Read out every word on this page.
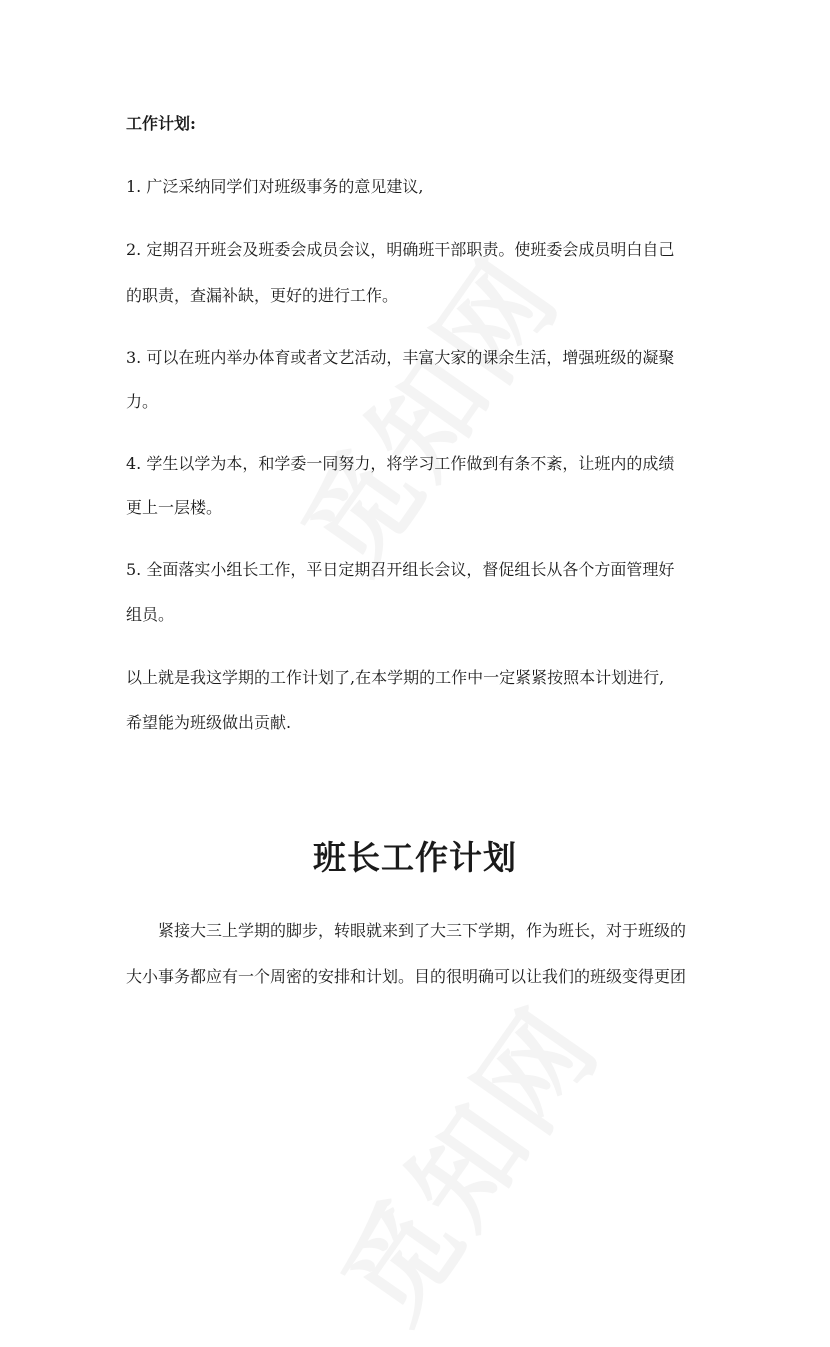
工作计划:
1. 广泛采纳同学们对班级事务的意见建议,
2. 定期召开班会及班委会成员会议，明确班干部职责。使班委会成员明白自己
的职责，查漏补缺，更好的进行工作。
3. 可以在班内举办体育或者文艺活动，丰富大家的课余生活，增强班级的凝聚
力。
4. 学生以学为本，和学委一同努力，将学习工作做到有条不紊，让班内的成绩
更上一层楼。
5. 全面落实小组长工作，平日定期召开组长会议，督促组长从各个方面管理好
组员。
以上就是我这学期的工作计划了,在本学期的工作中一定紧紧按照本计划进行,
希望能为班级做出贡献.
班长工作计划
紧接大三上学期的脚步，转眼就来到了大三下学期，作为班长，对于班级的
大小事务都应有一个周密的安排和计划。目的很明确可以让我们的班级变得更团
